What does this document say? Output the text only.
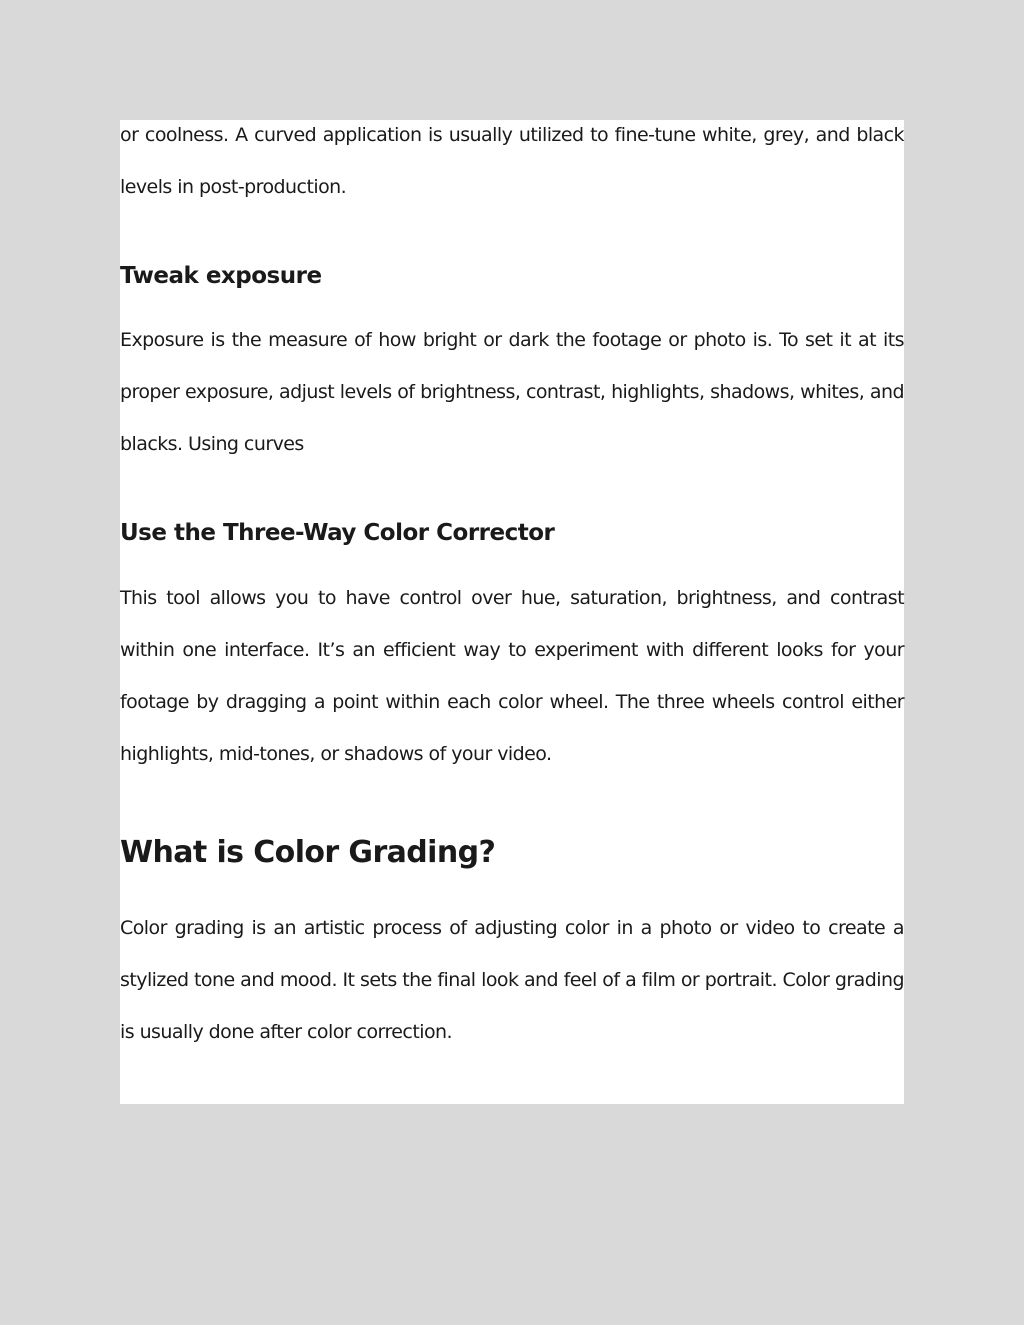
or coolness. A curved application is usually utilized to fine-tune white, grey, and black levels in post-production.

Tweak exposure

Exposure is the measure of how bright or dark the footage or photo is. To set it at its proper exposure, adjust levels of brightness, contrast, highlights, shadows, whites, and blacks. Using curves

Use the Three-Way Color Corrector

This tool allows you to have control over hue, saturation, brightness, and contrast within one interface. It’s an efficient way to experiment with different looks for your footage by dragging a point within each color wheel. The three wheels control either highlights, mid-tones, or shadows of your video.

What is Color Grading?

Color grading is an artistic process of adjusting color in a photo or video to create a stylized tone and mood. It sets the final look and feel of a film or portrait. Color grading is usually done after color correction.
